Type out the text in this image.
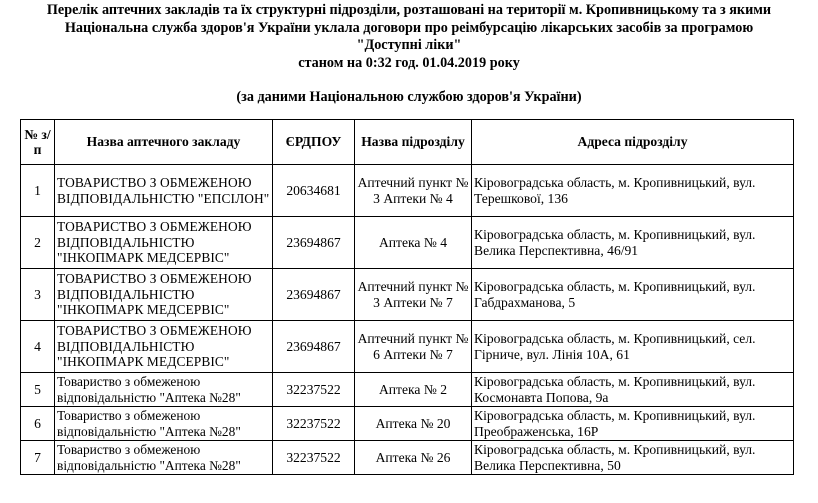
Перелік аптечних закладів та їх структурні підрозділи, розташовані на території м. Кропивницькому та з якими
Національна служба здоров'я України уклала договори про реімбурсацію лікарських засобів за програмою
"Доступні ліки"
станом на 0:32 год. 01.04.2019 року
(за даними Національною службою здоров'я України)
№ з/п	Назва аптечного закладу	ЄРДПОУ	Назва підрозділу	Адреса підрозділу
1	ТОВАРИСТВО З ОБМЕЖЕНОЮ ВІДПОВІДАЛЬНІСТЮ "ЕПСІЛОН"	20634681	Аптечний пункт № 3 Аптеки № 4	Кіровоградська область, м. Кропивницький, вул. Терешкової, 136
2	ТОВАРИСТВО З ОБМЕЖЕНОЮ ВІДПОВІДАЛЬНІСТЮ "ІНКОПМАРК МЕДСЕРВІС"	23694867	Аптека № 4	Кіровоградська область, м. Кропивницький, вул. Велика Перспективна, 46/91
3	ТОВАРИСТВО З ОБМЕЖЕНОЮ ВІДПОВІДАЛЬНІСТЮ "ІНКОПМАРК МЕДСЕРВІС"	23694867	Аптечний пункт № 3 Аптеки № 7	Кіровоградська область, м. Кропивницький, вул. Габдрахманова, 5
4	ТОВАРИСТВО З ОБМЕЖЕНОЮ ВІДПОВІДАЛЬНІСТЮ "ІНКОПМАРК МЕДСЕРВІС"	23694867	Аптечний пункт № 6 Аптеки № 7	Кіровоградська область, м. Кропивницький, сел. Гірниче, вул. Лінія 10А, 61
5	Товариство з обмеженою відповідальністю "Аптека №28"	32237522	Аптека № 2	Кіровоградська область, м. Кропивницький, вул. Космонавта Попова, 9а
6	Товариство з обмеженою відповідальністю "Аптека №28"	32237522	Аптека № 20	Кіровоградська область, м. Кропивницький, вул. Преображенська, 16Р
7	Товариство з обмеженою відповідальністю "Аптека №28"	32237522	Аптека № 26	Кіровоградська область, м. Кропивницький, вул. Велика Перспективна, 50
